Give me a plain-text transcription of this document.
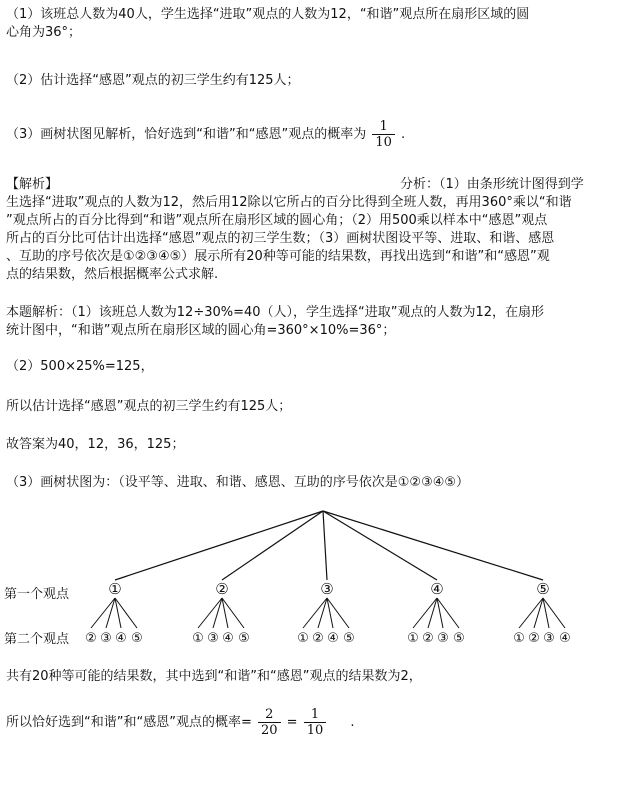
（1）该班总人数为40人，学生选择“进取”观点的人数为12，“和谐”观点所在扇形区域的圆
心角为36°；
（2）估计选择“感恩”观点的初三学生约有125人；
（3）画树状图见解析，恰好选到“和谐”和“感恩”观点的概率为 $\frac{1}{10}$ .
【解析】	分析：（1）由条形统计图得到学
生选择“进取”观点的人数为12，然后用12除以它所占的百分比得到全班人数，再用360°乘以“和谐
”观点所占的百分比得到“和谐”观点所在扇形区域的圆心角；（2）用500乘以样本中“感恩”观点
所占的百分比可估计出选择“感恩”观点的初三学生数；（3）画树状图设平等、进取、和谐、感恩
、互助的序号依次是①②③④⑤）展示所有20种等可能的结果数，再找出选到“和谐”和“感恩”观
点的结果数，然后根据概率公式求解.
本题解析：（1）该班总人数为12÷30%=40（人），学生选择“进取”观点的人数为12，在扇形
统计图中，“和谐”观点所在扇形区域的圆心角=360°×10%=36°；
（2）500×25%=125，
所以估计选择“感恩”观点的初三学生约有125人；
故答案为40，12，36，125；
（3）画树状图为：（设平等、进取、和谐、感恩、互助的序号依次是①②③④⑤）
第一个观点
第二个观点
①
② ③ ④ ⑤
②
① ③ ④ ⑤
③
① ② ④ ⑤
④
① ② ③ ⑤
⑤
① ② ③ ④
共有20种等可能的结果数，其中选到“和谐”和“感恩”观点的结果数为2，
所以恰好选到“和谐”和“感恩”观点的概率= $\frac{2}{20} = \frac{1}{10}$ .
